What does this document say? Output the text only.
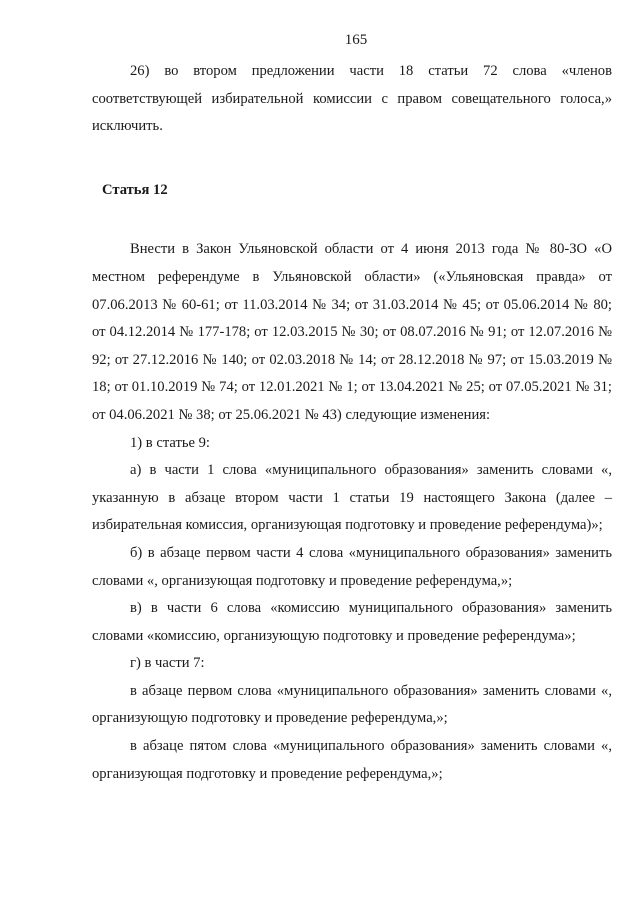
165

26) во втором предложении части 18 статьи 72 слова «членов соответствующей избирательной комиссии с правом совещательного голоса,» исключить.

Статья 12

Внести в Закон Ульяновской области от 4 июня 2013 года № 80-ЗО «О местном референдуме в Ульяновской области» («Ульяновская правда» от 07.06.2013 № 60-61; от 11.03.2014 № 34; от 31.03.2014 № 45; от 05.06.2014 № 80; от 04.12.2014 № 177-178; от 12.03.2015 № 30; от 08.07.2016 № 91; от 12.07.2016 № 92; от 27.12.2016 № 140; от 02.03.2018 № 14; от 28.12.2018 № 97; от 15.03.2019 № 18; от 01.10.2019 № 74; от 12.01.2021 № 1; от 13.04.2021 № 25; от 07.05.2021 № 31; от 04.06.2021 № 38; от 25.06.2021 № 43) следующие изменения:

1) в статье 9:

а) в части 1 слова «муниципального образования» заменить словами «, указанную в абзаце втором части 1 статьи 19 настоящего Закона (далее – избирательная комиссия, организующая подготовку и проведение референдума)»;

б) в абзаце первом части 4 слова «муниципального образования» заменить словами «, организующая подготовку и проведение референдума,»;

в) в части 6 слова «комиссию муниципального образования» заменить словами «комиссию, организующую подготовку и проведение референдума»;

г) в части 7:

в абзаце первом слова «муниципального образования» заменить словами «, организующую подготовку и проведение референдума,»;

в абзаце пятом слова «муниципального образования» заменить словами «, организующая подготовку и проведение референдума,»;
